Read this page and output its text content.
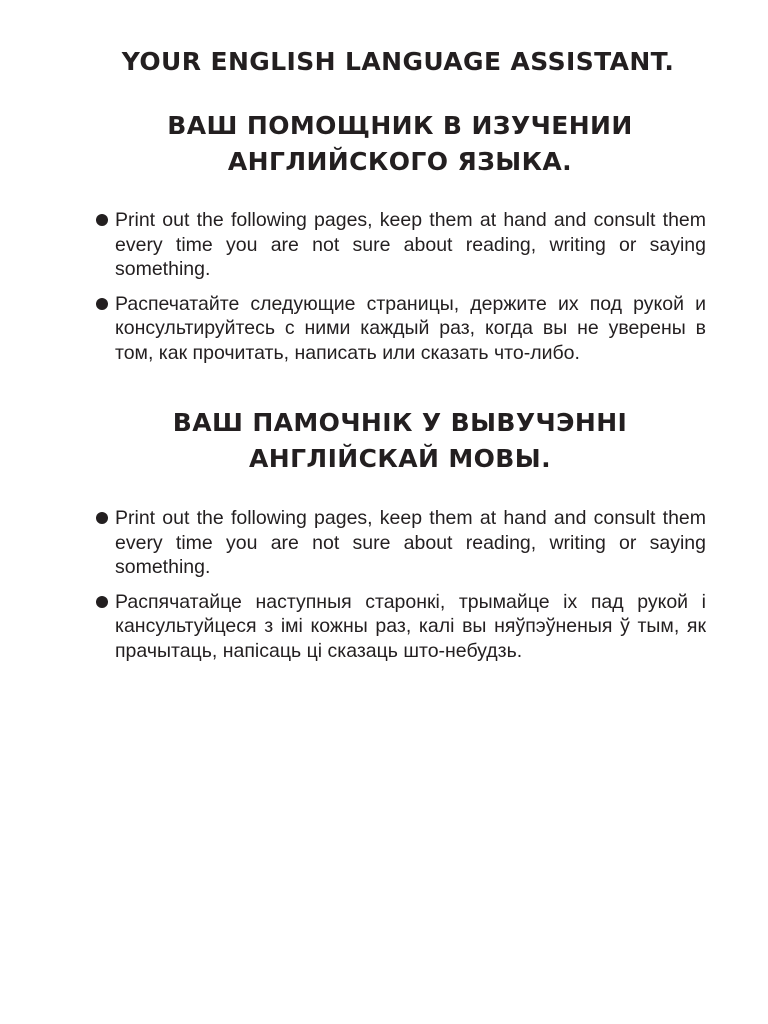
YOUR ENGLISH LANGUAGE ASSISTANT.
ВАШ ПОМОЩНИК В ИЗУЧЕНИИ
АНГЛИЙСКОГО ЯЗЫКА.
Print out the following pages, keep them at hand and consult them every time you are not sure about reading, writing or saying something.
Распечатайте следующие страницы, держите их под рукой и консультируйтесь с ними каждый раз, когда вы не уверены в том, как прочитать, написать или сказать что-либо.
ВАШ ПАМОЧНІК У ВЫВУЧЭННІ
АНГЛІЙСКАЙ МОВЫ.
Print out the following pages, keep them at hand and consult them every time you are not sure about reading, writing or saying something.
Распячатайце наступныя старонкі, трымайце іх пад рукой і кансультуйцеся з імі кожны раз, калі вы няўпэўненыя ў тым, як прачытаць, напісаць ці сказаць што-небудзь.
